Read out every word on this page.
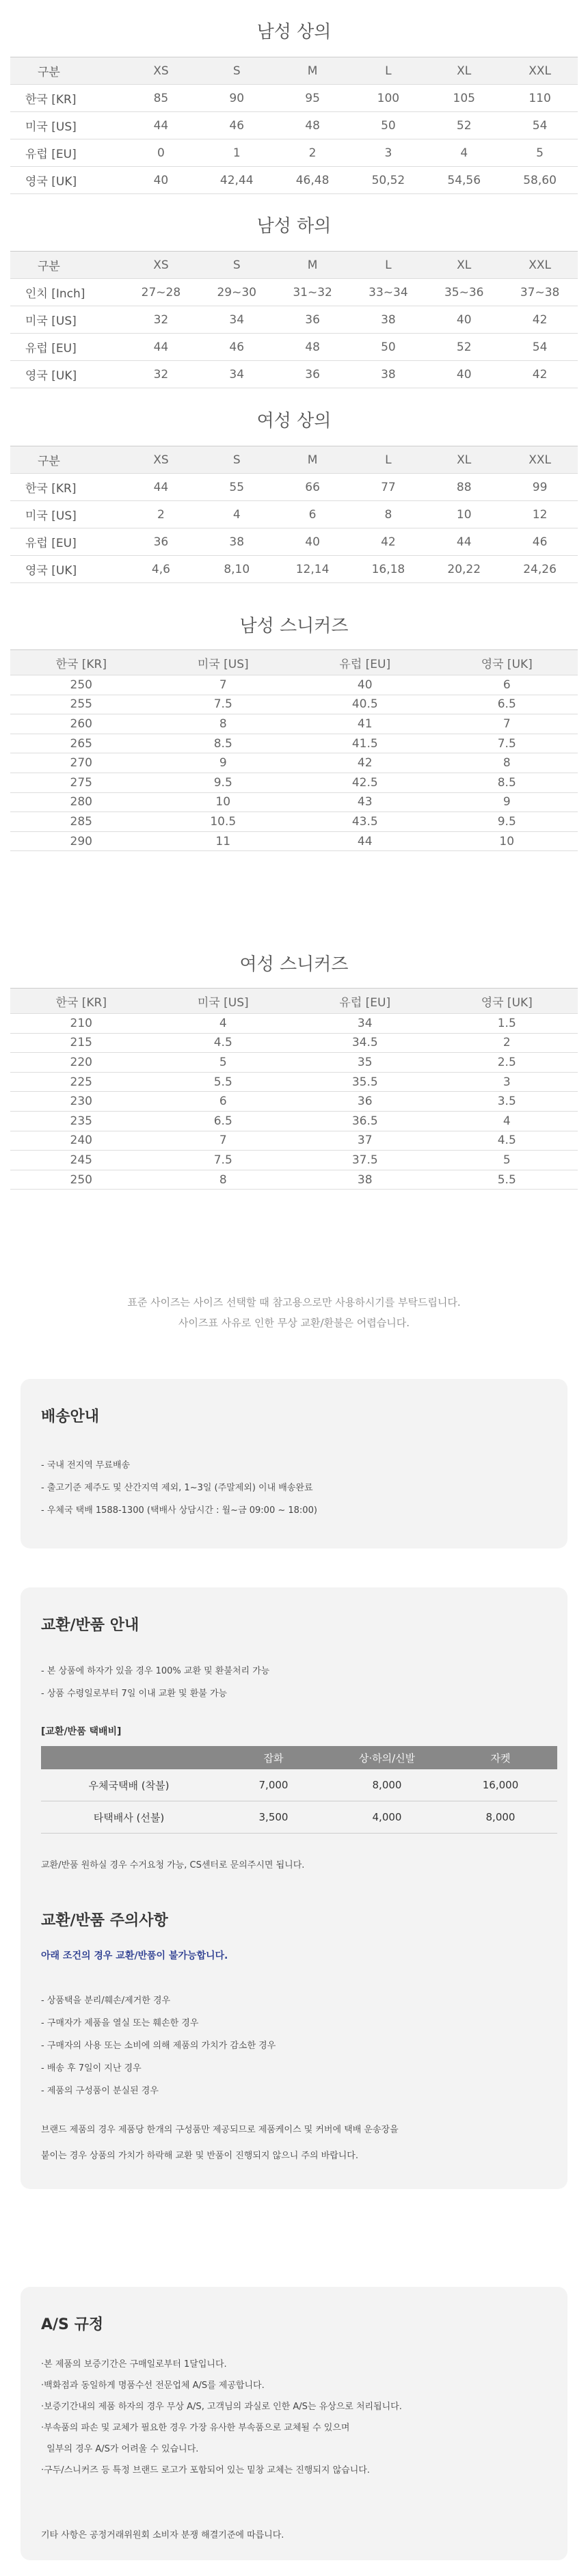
남성 상의
구분	XS	S	M	L	XL	XXL
한국 [KR]	85	90	95	100	105	110
미국 [US]	44	46	48	50	52	54
유럽 [EU]	0	1	2	3	4	5
영국 [UK]	40	42,44	46,48	50,52	54,56	58,60
남성 하의
구분	XS	S	M	L	XL	XXL
인치 [Inch]	27~28	29~30	31~32	33~34	35~36	37~38
미국 [US]	32	34	36	38	40	42
유럽 [EU]	44	46	48	50	52	54
영국 [UK]	32	34	36	38	40	42
여성 상의
구분	XS	S	M	L	XL	XXL
한국 [KR]	44	55	66	77	88	99
미국 [US]	2	4	6	8	10	12
유럽 [EU]	36	38	40	42	44	46
영국 [UK]	4,6	8,10	12,14	16,18	20,22	24,26
남성 스니커즈
한국 [KR]	미국 [US]	유럽 [EU]	영국 [UK]
250	7	40	6
255	7.5	40.5	6.5
260	8	41	7
265	8.5	41.5	7.5
270	9	42	8
275	9.5	42.5	8.5
280	10	43	9
285	10.5	43.5	9.5
290	11	44	10
여성 스니커즈
한국 [KR]	미국 [US]	유럽 [EU]	영국 [UK]
210	4	34	1.5
215	4.5	34.5	2
220	5	35	2.5
225	5.5	35.5	3
230	6	36	3.5
235	6.5	36.5	4
240	7	37	4.5
245	7.5	37.5	5
250	8	38	5.5
표준 사이즈는 사이즈 선택할 때 참고용으로만 사용하시기를 부탁드립니다.
사이즈표 사유로 인한 무상 교환/환불은 어렵습니다.
배송안내
- 국내 전지역 무료배송
- 출고기준 제주도 및 산간지역 제외, 1~3일 (주말제외) 이내 배송완료
- 우체국 택배 1588-1300 (택배사 상담시간 : 월~금 09:00 ~ 18:00)
교환/반품 안내
- 본 상품에 하자가 있을 경우 100% 교환 및 환불처리 가능
- 상품 수령일로부터 7일 이내 교환 및 환불 가능
[교환/반품 택배비]
	잡화	상·하의/신발	자켓
우체국택배 (착불)	7,000	8,000	16,000
타택배사 (선불)	3,500	4,000	8,000
교환/반품 원하실 경우 수거요청 가능, CS센터로 문의주시면 됩니다.
교환/반품 주의사항
아래 조건의 경우 교환/반품이 불가능합니다.
- 상품택을 분리/훼손/제거한 경우
- 구매자가 제품을 열실 또는 훼손한 경우
- 구매자의 사용 또는 소비에 의해 제품의 가치가 감소한 경우
- 배송 후 7일이 지난 경우
- 제품의 구성품이 분실된 경우
브랜드 제품의 경우 제품당 한개의 구성품만 제공되므로 제품케이스 및 커버에 택배 운송장을
붙이는 경우 상품의 가치가 하락해 교환 및 반품이 진행되지 않으니 주의 바랍니다.
A/S 규정
·본 제품의 보증기간은 구매일로부터 1달입니다.
·백화점과 동일하게 명품수선 전문업체 A/S를 제공합니다.
·보증기간내의 제품 하자의 경우 무상 A/S, 고객님의 과실로 인한 A/S는 유상으로 처리됩니다.
·부속품의 파손 및 교체가 필요한 경우 가장 유사한 부속품으로 교체될 수 있으며
일부의 경우 A/S가 어려울 수 있습니다.
·구두/스니커즈 등 특정 브랜드 로고가 포함되어 있는 밑창 교체는 진행되지 않습니다.
기타 사항은 공정거래위원회 소비자 분쟁 해결기준에 따릅니다.
